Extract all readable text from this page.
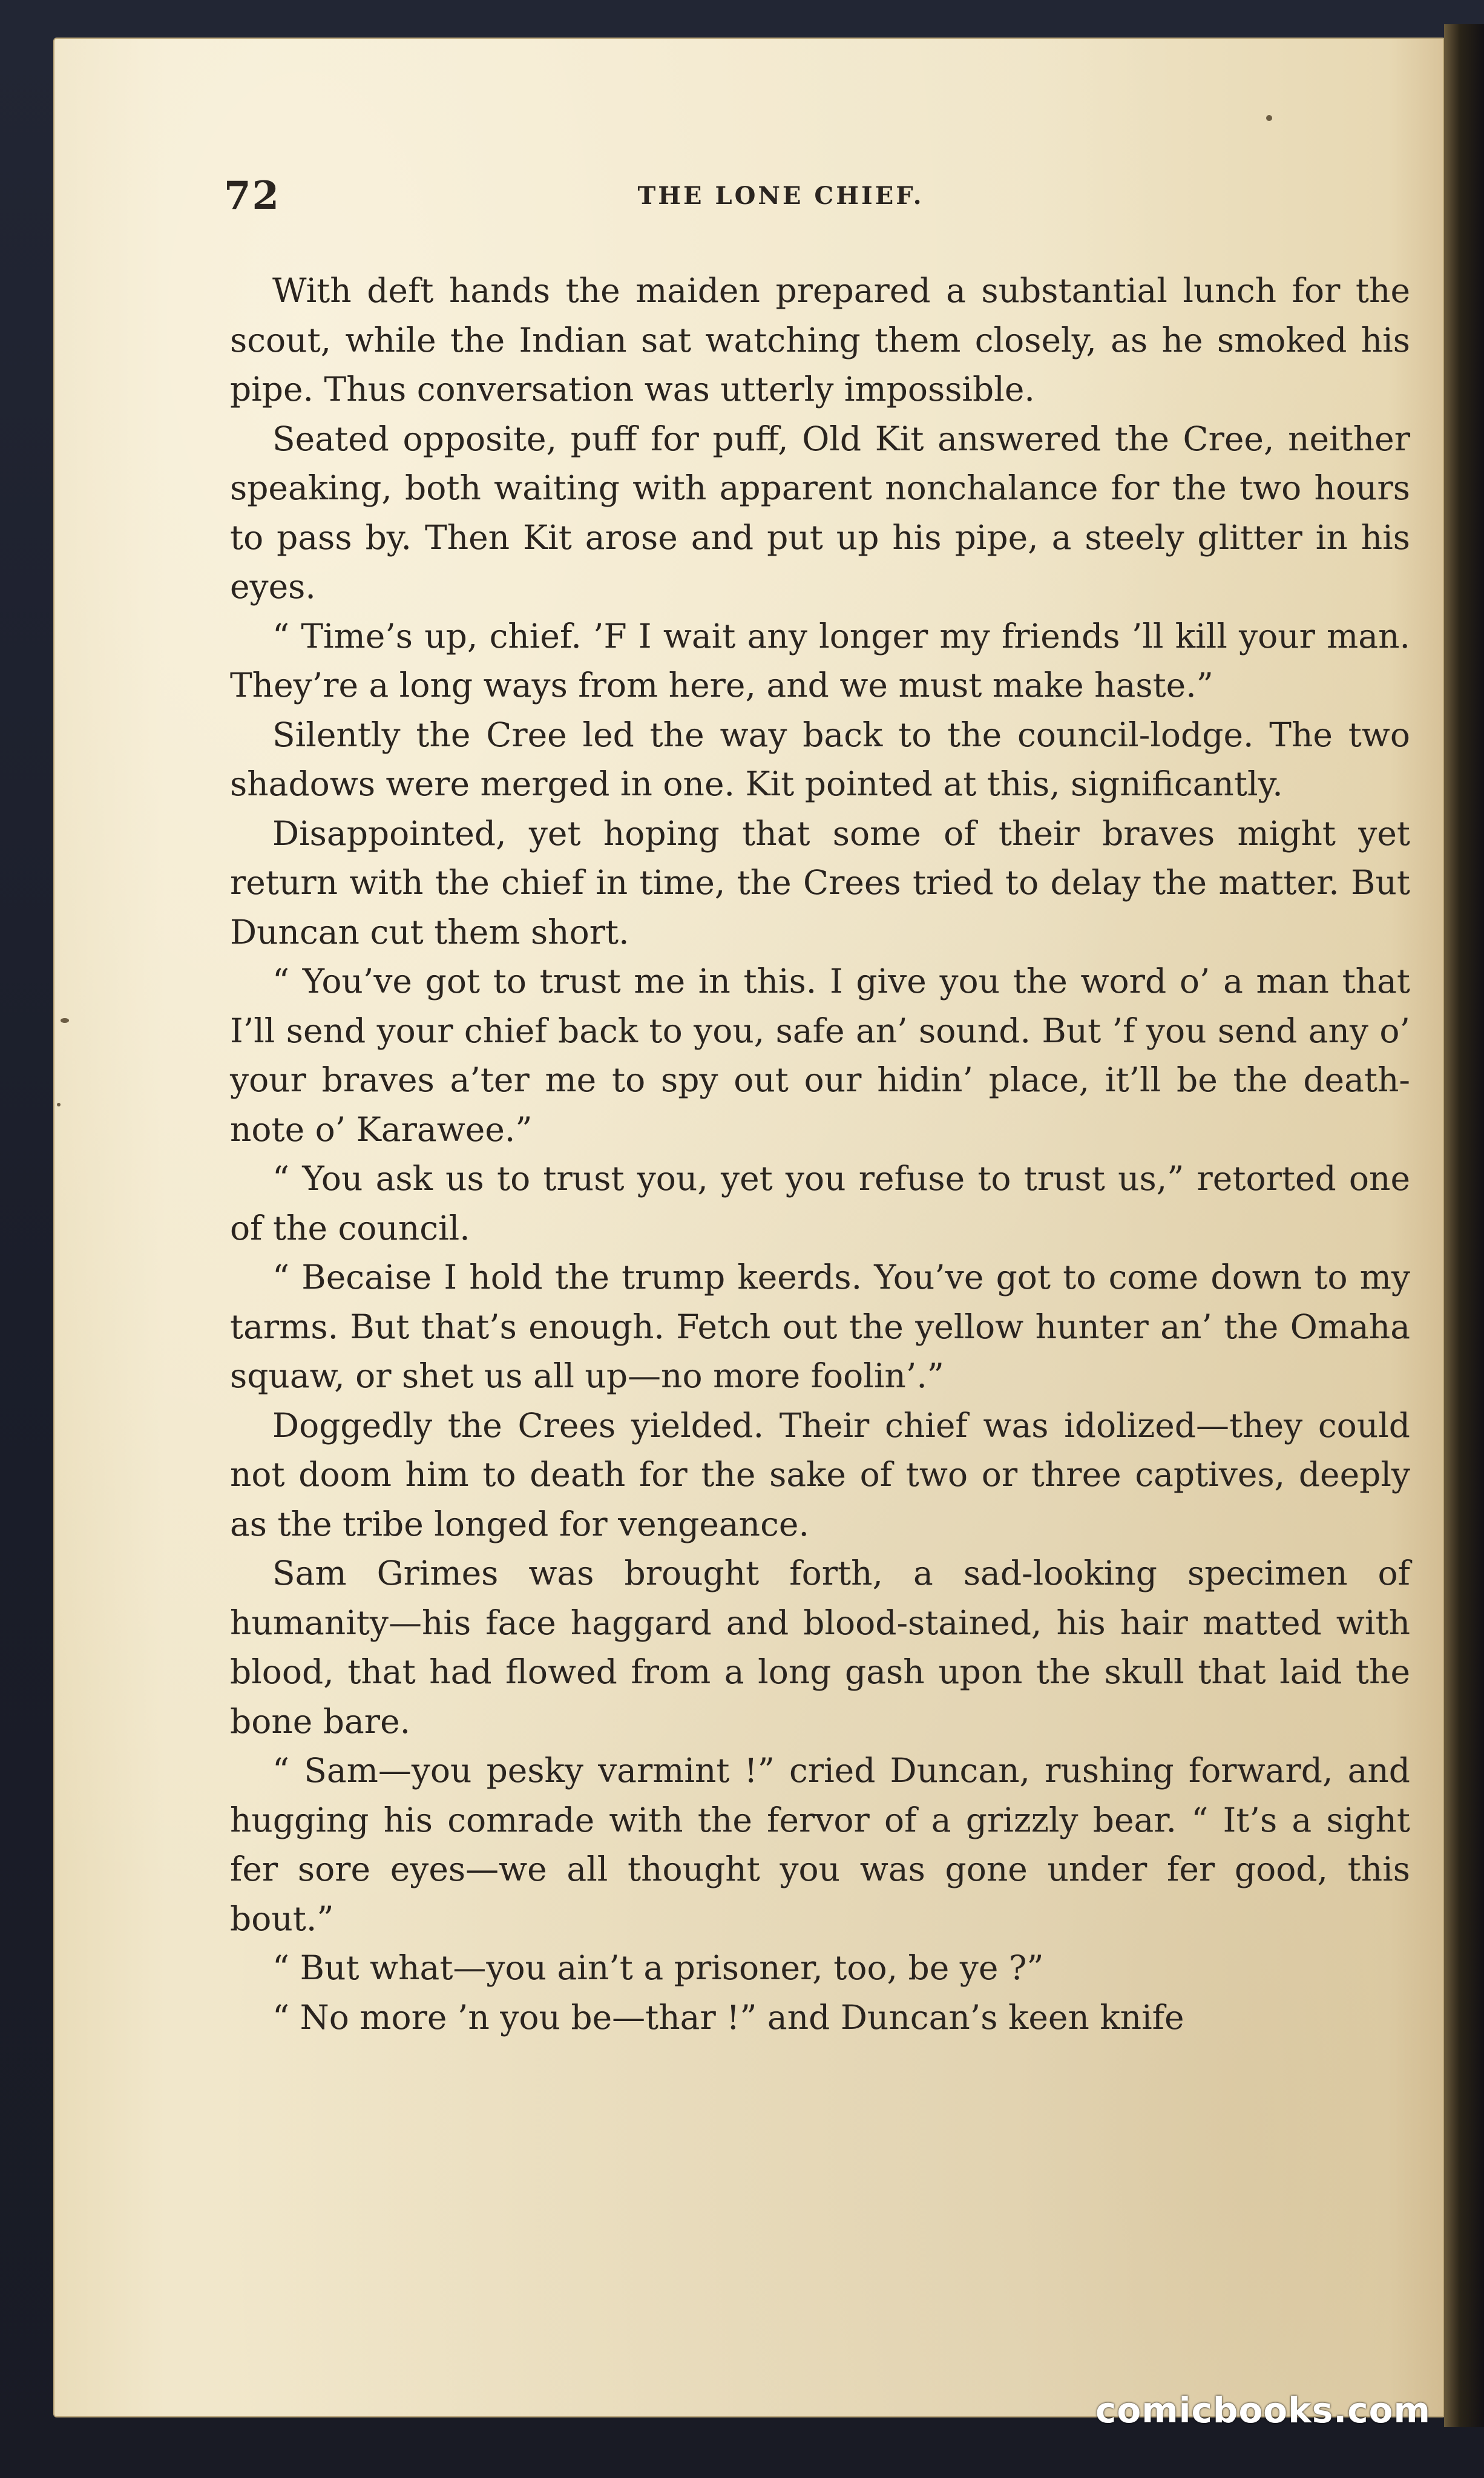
72	THE LONE CHIEF.

With deft hands the maiden prepared a substantial lunch for the scout, while the Indian sat watching them closely, as he smoked his pipe. Thus conversation was utterly impossible.

Seated opposite, puff for puff, Old Kit answered the Cree, neither speaking, both waiting with apparent nonchalance for the two hours to pass by. Then Kit arose and put up his pipe, a steely glitter in his eyes.

“ Time’s up, chief. ’F I wait any longer my friends ’ll kill your man. They’re a long ways from here, and we must make haste.”

Silently the Cree led the way back to the council-lodge. The two shadows were merged in one. Kit pointed at this, significantly.

Disappointed, yet hoping that some of their braves might yet return with the chief in time, the Crees tried to delay the matter. But Duncan cut them short.

“ You’ve got to trust me in this. I give you the word o’ a man that I’ll send your chief back to you, safe an’ sound. But ’f you send any o’ your braves a’ter me to spy out our hidin’ place, it’ll be the death-note o’ Karawee.”

“ You ask us to trust you, yet you refuse to trust us,” retorted one of the council.

“ Becaise I hold the trump keerds. You’ve got to come down to my tarms. But that’s enough. Fetch out the yellow hunter an’ the Omaha squaw, or shet us all up—no more foolin’.”

Doggedly the Crees yielded. Their chief was idolized—they could not doom him to death for the sake of two or three captives, deeply as the tribe longed for vengeance.

Sam Grimes was brought forth, a sad-looking specimen of humanity—his face haggard and blood-stained, his hair matted with blood, that had flowed from a long gash upon the skull that laid the bone bare.

“ Sam—you pesky varmint !” cried Duncan, rushing forward, and hugging his comrade with the fervor of a grizzly bear. “ It’s a sight fer sore eyes—we all thought you was gone under fer good, this bout.”

“ But what—you ain’t a prisoner, too, be ye ?”

“ No more ’n you be—thar !” and Duncan’s keen knife

comicbooks.com
